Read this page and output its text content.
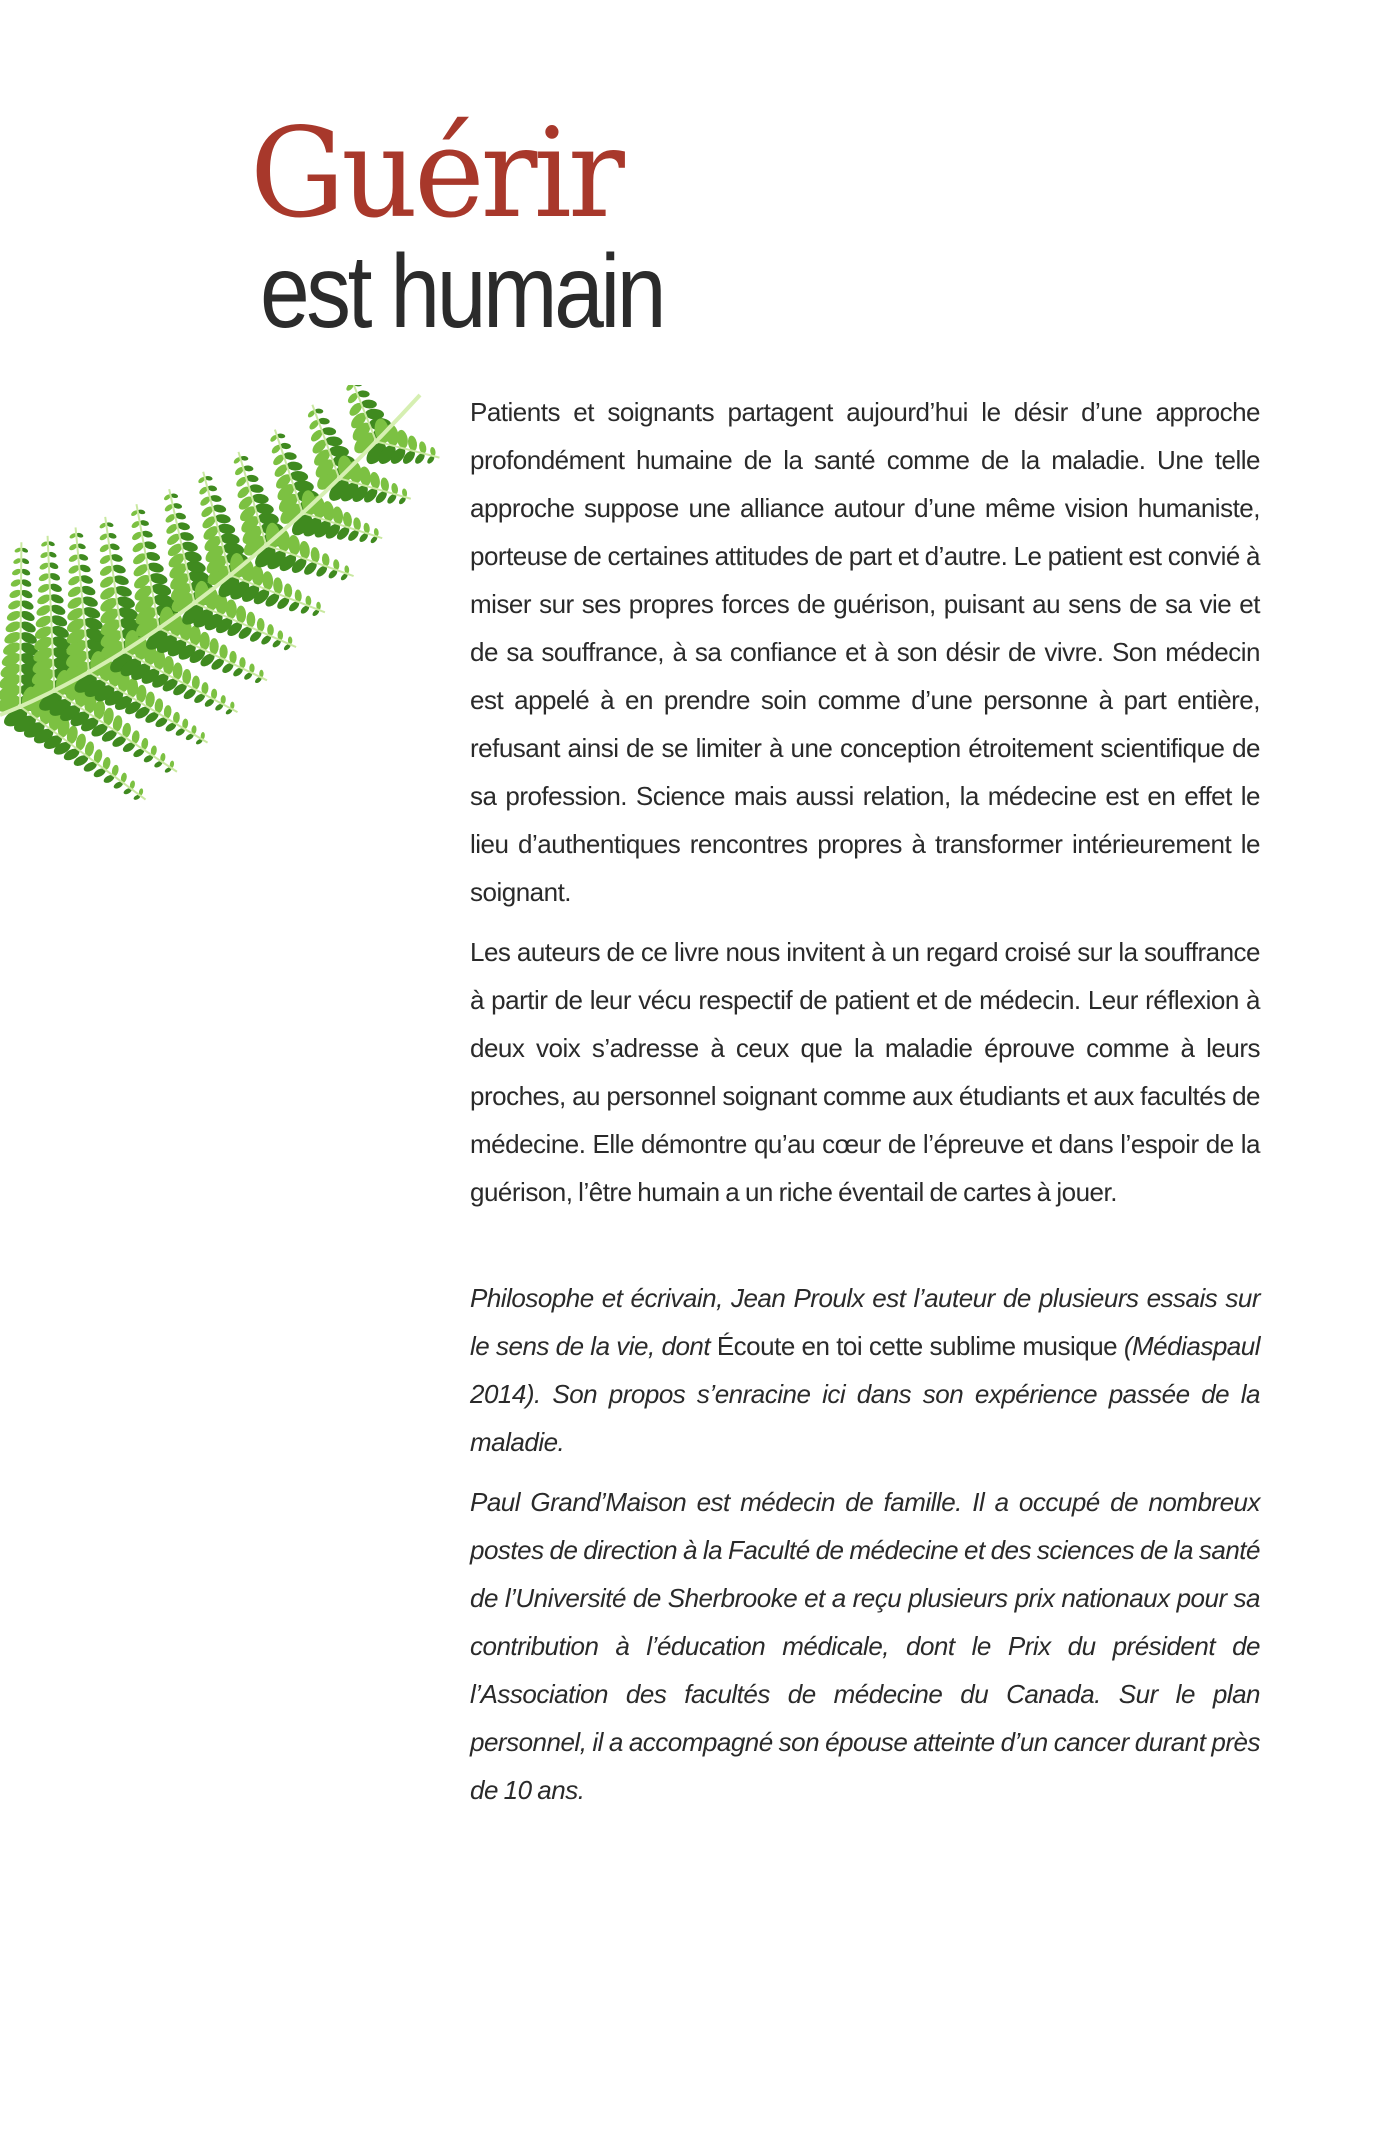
Guérir
est humain

Patients et soignants partagent aujourd’hui le désir d’une approche profondément humaine de la santé comme de la maladie. Une telle approche suppose une alliance autour d’une même vision humaniste, porteuse de certaines attitudes de part et d’autre. Le patient est convié à miser sur ses propres forces de guérison, puisant au sens de sa vie et de sa souffrance, à sa confiance et à son désir de vivre. Son médecin est appelé à en prendre soin comme d’une personne à part entière, refusant ainsi de se limiter à une conception étroitement scientifique de sa profession. Science mais aussi relation, la médecine est en effet le lieu d’authentiques rencontres propres à transformer intérieurement le soignant.

Les auteurs de ce livre nous invitent à un regard croisé sur la souffrance à partir de leur vécu respectif de patient et de médecin. Leur réflexion à deux voix s’adresse à ceux que la maladie éprouve comme à leurs proches, au personnel soignant comme aux étudiants et aux facultés de médecine. Elle démontre qu’au cœur de l’épreuve et dans l’espoir de la guérison, l’être humain a un riche éventail de cartes à jouer.

Philosophe et écrivain, Jean Proulx est l’auteur de plusieurs essais sur le sens de la vie, dont Écoute en toi cette sublime musique (Médiaspaul 2014). Son propos s’enracine ici dans son expérience passée de la maladie.

Paul Grand’Maison est médecin de famille. Il a occupé de nombreux postes de direction à la Faculté de médecine et des sciences de la santé de l’Université de Sherbrooke et a reçu plusieurs prix nationaux pour sa contribution à l’éducation médicale, dont le Prix du président de l’Association des facultés de médecine du Canada. Sur le plan personnel, il a accompagné son épouse atteinte d’un cancer durant près de 10 ans.
